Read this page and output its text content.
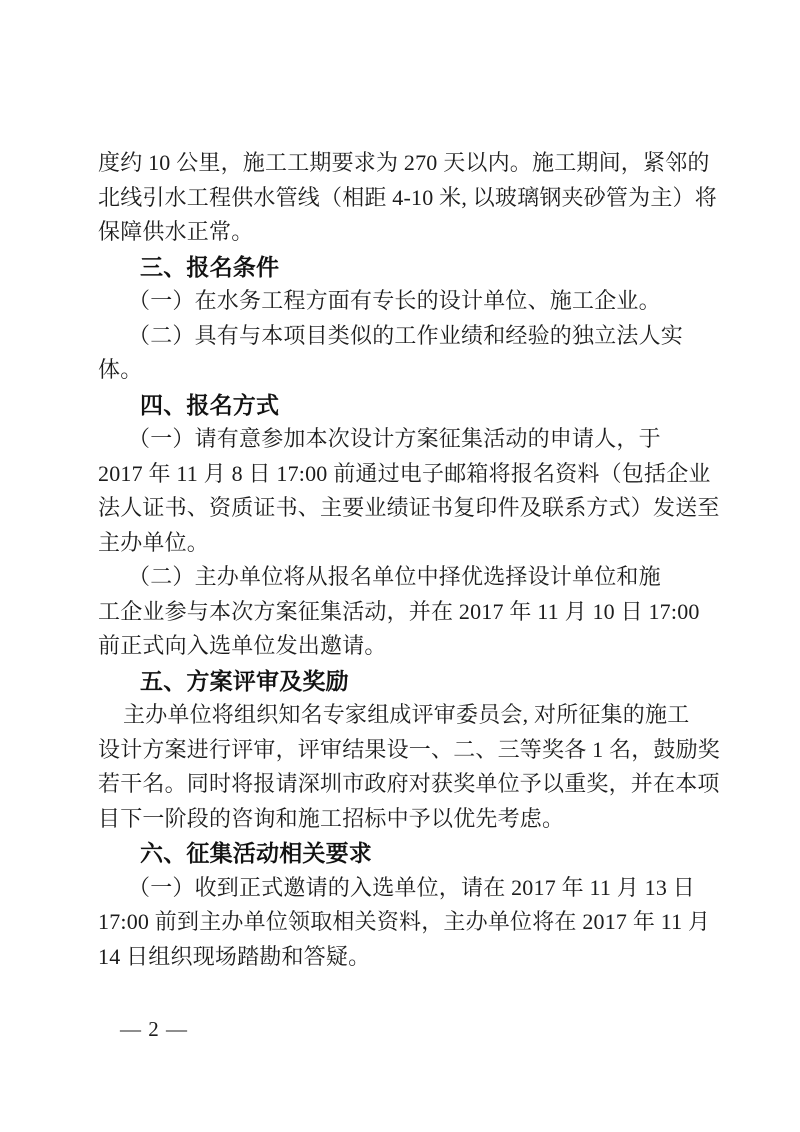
度约 10 公里，施工工期要求为 270 天以内。施工期间，紧邻的
北线引水工程供水管线（相距 4-10 米, 以玻璃钢夹砂管为主）将
保障供水正常。
三、报名条件
（一）在水务工程方面有专长的设计单位、施工企业。
（二）具有与本项目类似的工作业绩和经验的独立法人实
体。
四、报名方式
（一）请有意参加本次设计方案征集活动的申请人，于
2017 年 11 月 8 日 17:00 前通过电子邮箱将报名资料（包括企业
法人证书、资质证书、主要业绩证书复印件及联系方式）发送至
主办单位。
（二）主办单位将从报名单位中择优选择设计单位和施
工企业参与本次方案征集活动，并在 2017 年 11 月 10 日 17:00
前正式向入选单位发出邀请。
五、方案评审及奖励
主办单位将组织知名专家组成评审委员会, 对所征集的施工
设计方案进行评审，评审结果设一、二、三等奖各 1 名，鼓励奖
若干名。同时将报请深圳市政府对获奖单位予以重奖，并在本项
目下一阶段的咨询和施工招标中予以优先考虑。
六、征集活动相关要求
（一）收到正式邀请的入选单位，请在 2017 年 11 月 13 日
17:00 前到主办单位领取相关资料，主办单位将在 2017 年 11 月
14 日组织现场踏勘和答疑。
— 2 —
